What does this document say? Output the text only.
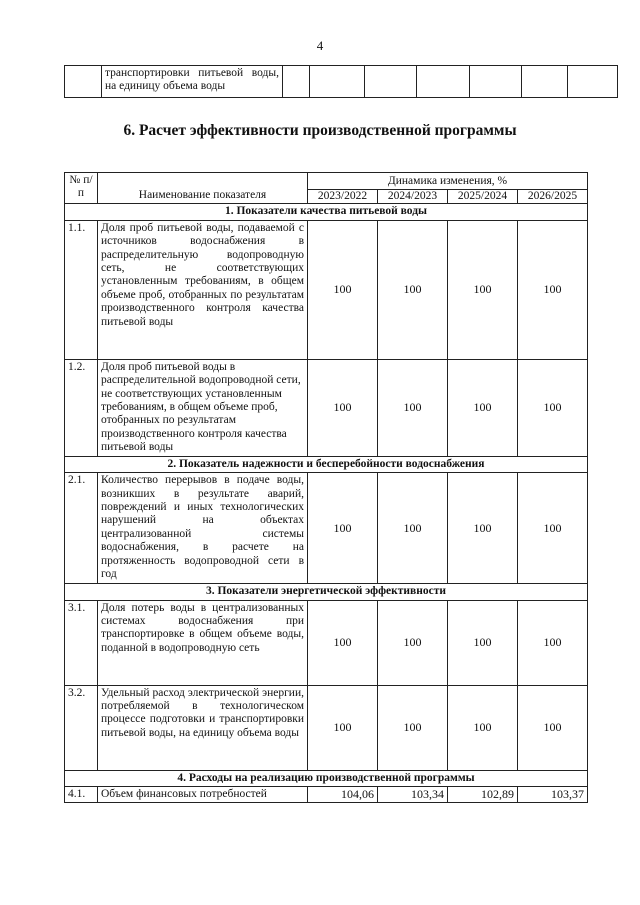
4
	транспортировки питьевой воды, на единицу объема воды							
6. Расчет эффективности производственной программы
№ п/п	Наименование показателя	Динамика изменения, %			
		2023/2022	2024/2023	2025/2024	2026/2025
1. Показатели качества питьевой воды					
1.1.	Доля проб питьевой воды, подаваемой с источников водоснабжения в распределительную водопроводную сеть, не соответствующих установленным требованиям, в общем объеме проб, отобранных по результатам производственного контроля качества питьевой воды	100	100	100	100
1.2.	Доля проб питьевой воды в распределительной водопроводной сети, не соответствующих установленным требованиям, в общем объеме проб, отобранных по результатам производственного контроля качества питьевой воды	100	100	100	100
2. Показатель надежности и бесперебойности водоснабжения					
2.1.	Количество перерывов в подаче воды, возникших в результате аварий, повреждений и иных технологических нарушений на объектах централизованной системы водоснабжения, в расчете на протяженность водопроводной сети в год	100	100	100	100
3. Показатели энергетической эффективности					
3.1.	Доля потерь воды в централизованных системах водоснабжения при транспортировке в общем объеме воды, поданной в водопроводную сеть	100	100	100	100
3.2.	Удельный расход электрической энергии, потребляемой в технологическом процессе подготовки и транспортировки питьевой воды, на единицу объема воды	100	100	100	100
4. Расходы на реализацию производственной программы					
4.1.	Объем финансовых потребностей	104,06	103,34	102,89	103,37
